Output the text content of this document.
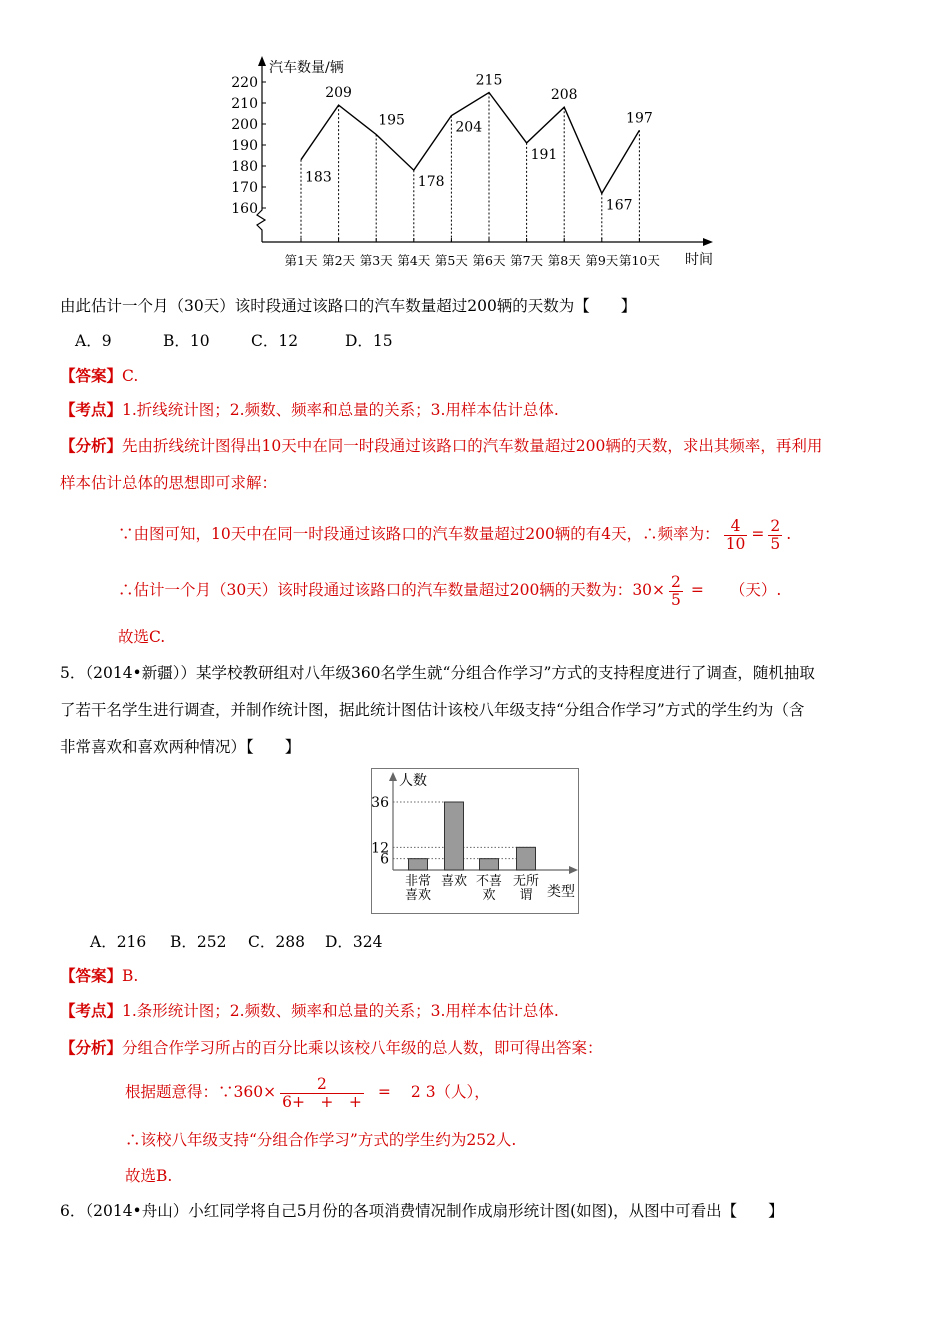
160
170
180
190
200
210
220
第1天 第2天 第3天 第4天 第5天 第6天 第7天 第8天 第9天 第10天
183
209
195
178
204
215
191
208
167
197
汽车数量/辆
时间
由此估计一个月（30天）该时段通过该路口的汽车数量超过200辆的天数为【　　】
A．9	B．10	C．12	D．15
【答案】C.
【考点】1.折线统计图；2.频数、频率和总量的关系；3.用样本估计总体.
【分析】先由折线统计图得出10天中在同一时段通过该路口的汽车数量超过200辆的天数，求出其频率，再利用
样本估计总体的思想即可求解：
∵由图可知，10天中在同一时段通过该路口的汽车数量超过200辆的有4天，∴频率为： $\frac{4}{10} = \frac{2}{5}$ .
∴估计一个月（30天）该时段通过该路口的汽车数量超过200辆的天数为：$30\times \frac{2}{5}$ = （天）.
故选C.
5．（2014•新疆））某学校教研组对八年级360名学生就“分组合作学习”方式的支持程度进行了调查，随机抽取
了若干名学生进行调查，并制作统计图，据此统计图估计该校八年级支持“分组合作学习”方式的学生约为（含
非常喜欢和喜欢两种情况）【　　】
36
12
6
非常
喜欢
喜欢 不喜
欢
无所
谓
人数
类型
A．216 B．252 C．288 D．324
【答案】B.
【考点】1.条形统计图；2.频数、频率和总量的关系；3.用样本估计总体.
【分析】分组合作学习所占的百分比乘以该校八年级的总人数，即可得出答案：
根据题意得：∵360× $\frac{2}{6+ + +} = 2$ 3（人），
∴该校八年级支持“分组合作学习”方式的学生约为252人.
故选B.
6．（2014•舟山）小红同学将自己5月份的各项消费情况制作成扇形统计图(如图)，从图中可看出【　　】
